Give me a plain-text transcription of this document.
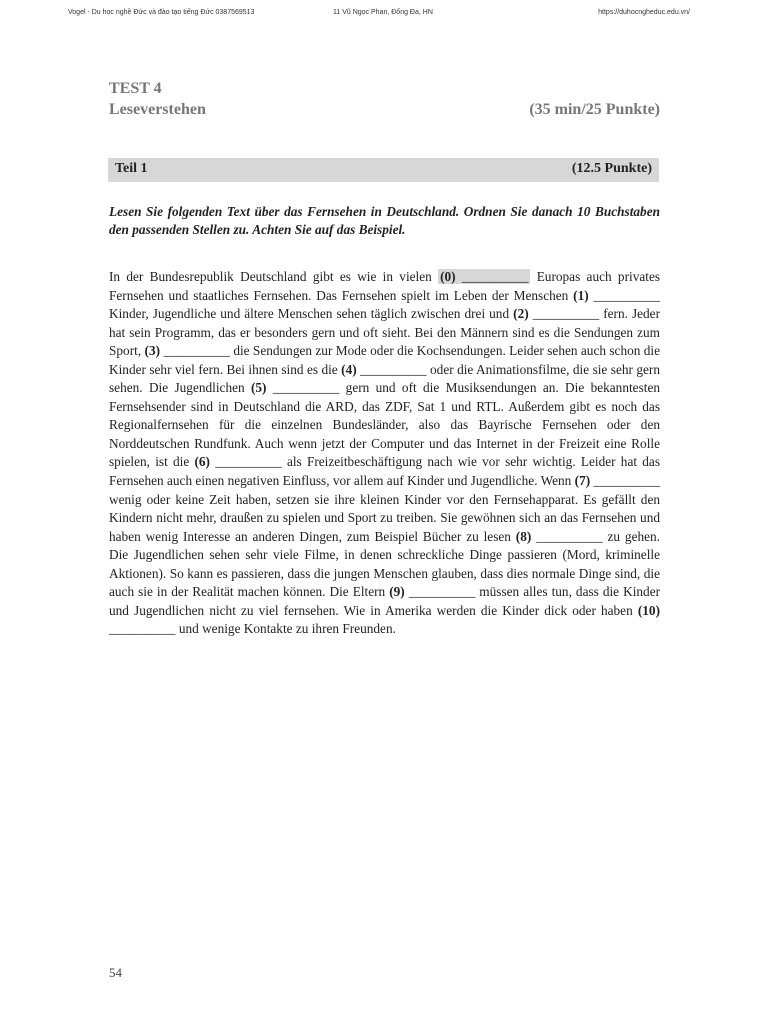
Vogel - Du học nghề Đức và đào tạo tiếng Đức 0387569513	11 Vũ Ngọc Phan, Đống Đa, HN	https://duhocngheduc.edu.vn/
TEST 4
Leseverstehen	(35 min/25 Punkte)
Teil 1	(12.5 Punkte)
Lesen Sie folgenden Text über das Fernsehen in Deutschland. Ordnen Sie danach 10 Buchstaben den passenden Stellen zu. Achten Sie auf das Beispiel.

In der Bundesrepublik Deutschland gibt es wie in vielen (0) __________ Europas auch privates Fernsehen und staatliches Fernsehen. Das Fernsehen spielt im Leben der Menschen (1) __________ Kinder, Jugendliche und ältere Menschen sehen täglich zwischen drei und (2) __________ fern. Jeder hat sein Programm, das er besonders gern und oft sieht. Bei den Männern sind es die Sendungen zum Sport, (3) __________ die Sendungen zur Mode oder die Kochsendungen. Leider sehen auch schon die Kinder sehr viel fern. Bei ihnen sind es die (4) __________ oder die Animationsfilme, die sie sehr gern sehen. Die Jugendlichen (5) __________ gern und oft die Musiksendungen an. Die bekanntesten Fernsehsender sind in Deutschland die ARD, das ZDF, Sat 1 und RTL. Außerdem gibt es noch das Regionalfernsehen für die einzelnen Bundesländer, also das Bayrische Fernsehen oder den Norddeutschen Rundfunk. Auch wenn jetzt der Computer und das Internet in der Freizeit eine Rolle spielen, ist die (6) __________ als Freizeitbeschäftigung nach wie vor sehr wichtig. Leider hat das Fernsehen auch einen negativen Einfluss, vor allem auf Kinder und Jugendliche. Wenn (7) __________ wenig oder keine Zeit haben, setzen sie ihre kleinen Kinder vor den Fernsehapparat. Es gefällt den Kindern nicht mehr, draußen zu spielen und Sport zu treiben. Sie gewöhnen sich an das Fernsehen und haben wenig Interesse an anderen Dingen, zum Beispiel Bücher zu lesen (8) __________ zu gehen. Die Jugendlichen sehen sehr viele Filme, in denen schreckliche Dinge passieren (Mord, kriminelle Aktionen). So kann es passieren, dass die jungen Menschen glauben, dass dies normale Dinge sind, die auch sie in der Realität machen können. Die Eltern (9) __________ müssen alles tun, dass die Kinder und Jugendlichen nicht zu viel fernsehen. Wie in Amerika werden die Kinder dick oder haben (10) __________ und wenige Kontakte zu ihren Freunden.

54
